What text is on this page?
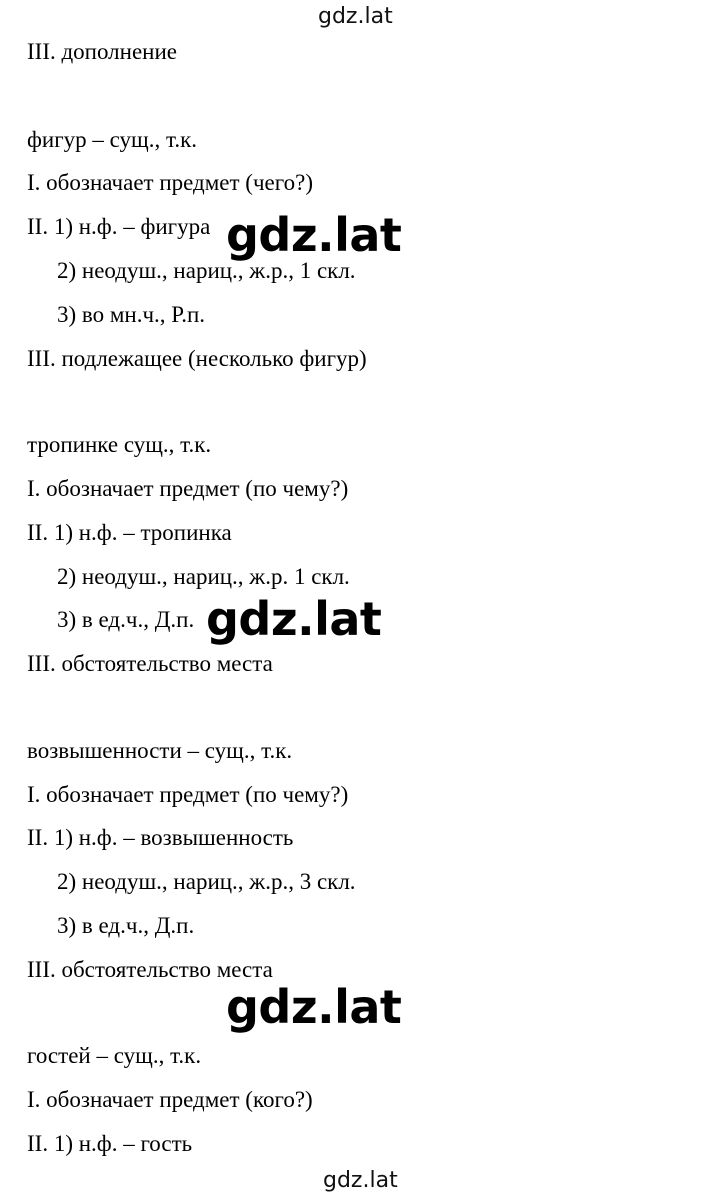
gdz.lat
III. дополнение
фигур – сущ., т.к.
I. обозначает предмет (чего?)
II. 1) н.ф. – фигура
2) неодуш., нариц., ж.р., 1 скл.
3) во мн.ч., Р.п.
III. подлежащее (несколько фигур)
тропинке сущ., т.к.
I. обозначает предмет (по чему?)
II. 1) н.ф. – тропинка
2) неодуш., нариц., ж.р. 1 скл.
3) в ед.ч., Д.п.
III. обстоятельство места
возвышенности – сущ., т.к.
I. обозначает предмет (по чему?)
II. 1) н.ф. – возвышенность
2) неодуш., нариц., ж.р., 3 скл.
3) в ед.ч., Д.п.
III. обстоятельство места
гостей – сущ., т.к.
I. обозначает предмет (кого?)
II. 1) н.ф. – гость
gdz.lat
gdz.lat
gdz.lat
gdz.lat
